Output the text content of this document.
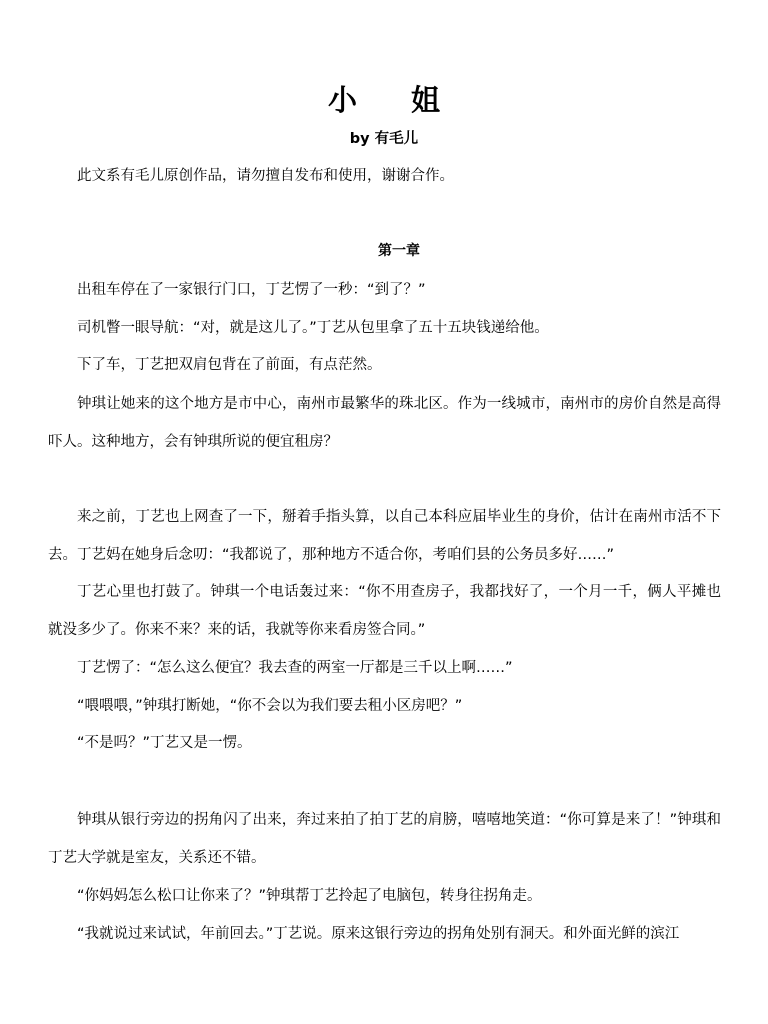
小 姐
by 有毛儿

此文系有毛儿原创作品，请勿擅自发布和使用，谢谢合作。

第一章

出租车停在了一家银行门口，丁艺愣了一秒：“到了？”

司机瞥一眼导航：“对，就是这儿了。”丁艺从包里拿了五十五块钱递给他。

下了车，丁艺把双肩包背在了前面，有点茫然。

钟琪让她来的这个地方是市中心，南州市最繁华的珠北区。作为一线城市，南州市的房价自然是高得吓人。这种地方，会有钟琪所说的便宜租房？

来之前，丁艺也上网查了一下，掰着手指头算，以自己本科应届毕业生的身价，估计在南州市活不下去。丁艺妈在她身后念叨：“我都说了，那种地方不适合你，考咱们县的公务员多好……”

丁艺心里也打鼓了。钟琪一个电话轰过来：“你不用查房子，我都找好了，一个月一千，俩人平摊也就没多少了。你来不来？来的话，我就等你来看房签合同。”

丁艺愣了：“怎么这么便宜？我去查的两室一厅都是三千以上啊……”

“喂喂喂，”钟琪打断她，“你不会以为我们要去租小区房吧？”

“不是吗？”丁艺又是一愣。

钟琪从银行旁边的拐角闪了出来，奔过来拍了拍丁艺的肩膀，嘻嘻地笑道：“你可算是来了！”钟琪和丁艺大学就是室友，关系还不错。

“你妈妈怎么松口让你来了？”钟琪帮丁艺拎起了电脑包，转身往拐角走。

“我就说过来试试，年前回去。”丁艺说。原来这银行旁边的拐角处别有洞天。和外面光鲜的滨江
